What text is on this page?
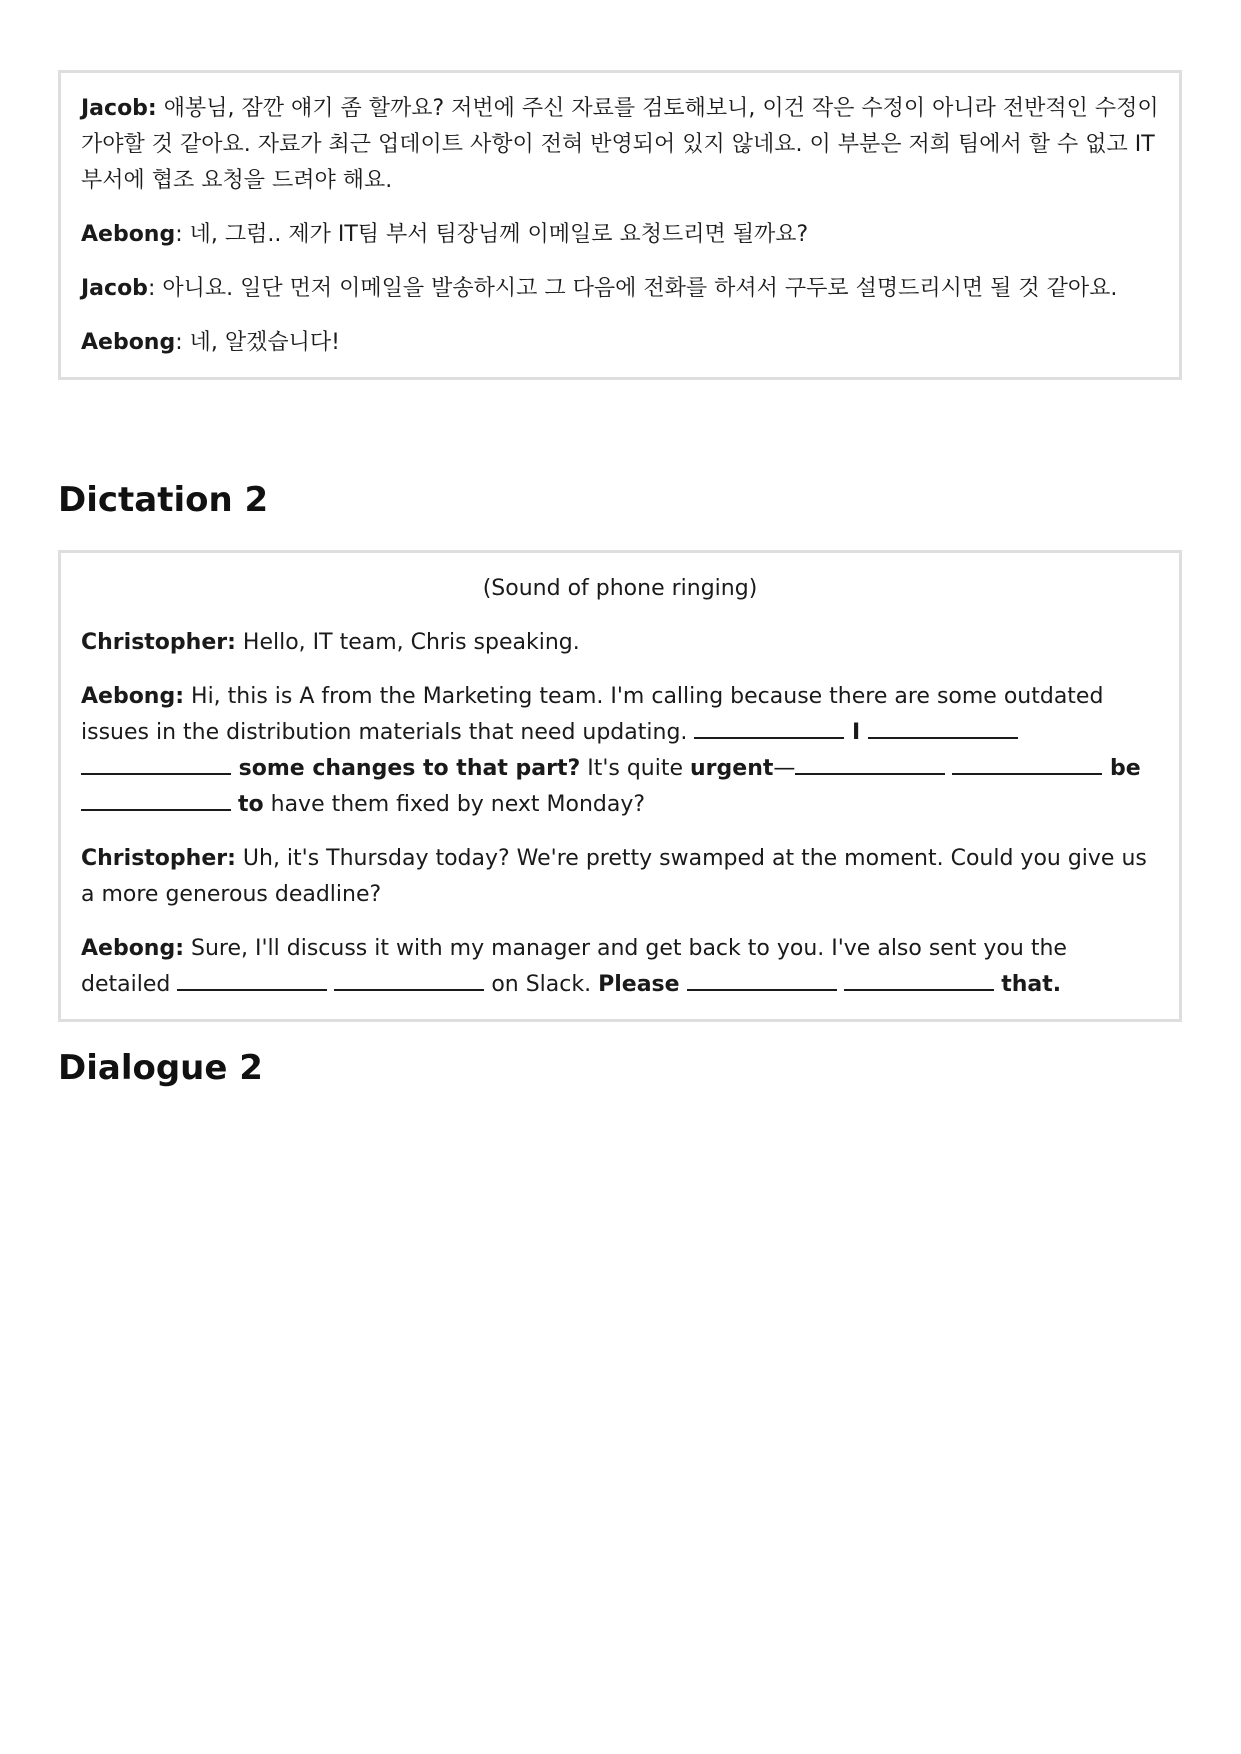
Jacob: 애봉님, 잠깐 얘기 좀 할까요? 저번에 주신 자료를 검토해보니, 이건 작은 수정이 아니라 전반적인 수정이 가야할 것 같아요. 자료가 최근 업데이트 사항이 전혀 반영되어 있지 않네요. 이 부분은 저희 팀에서 할 수 없고 IT부서에 협조 요청을 드려야 해요.

Aebong: 네, 그럼.. 제가 IT팀 부서 팀장님께 이메일로 요청드리면 될까요?

Jacob: 아니요. 일단 먼저 이메일을 발송하시고 그 다음에 전화를 하셔서 구두로 설명드리시면 될 것 같아요.

Aebong: 네, 알겠습니다!

Dictation 2

(Sound of phone ringing)

Christopher: Hello, IT team, Chris speaking.

Aebong: Hi, this is A from the Marketing team. I'm calling because there are some outdated issues in the distribution materials that need updating.	I   some changes to that part? It's quite urgent—	be  to have them fixed by next Monday?

Christopher: Uh, it's Thursday today? We're pretty swamped at the moment. Could you give us a more generous deadline?

Aebong: Sure, I'll discuss it with my manager and get back to you. I've also sent you the detailed	on Slack. Please	that.

Dialogue 2
